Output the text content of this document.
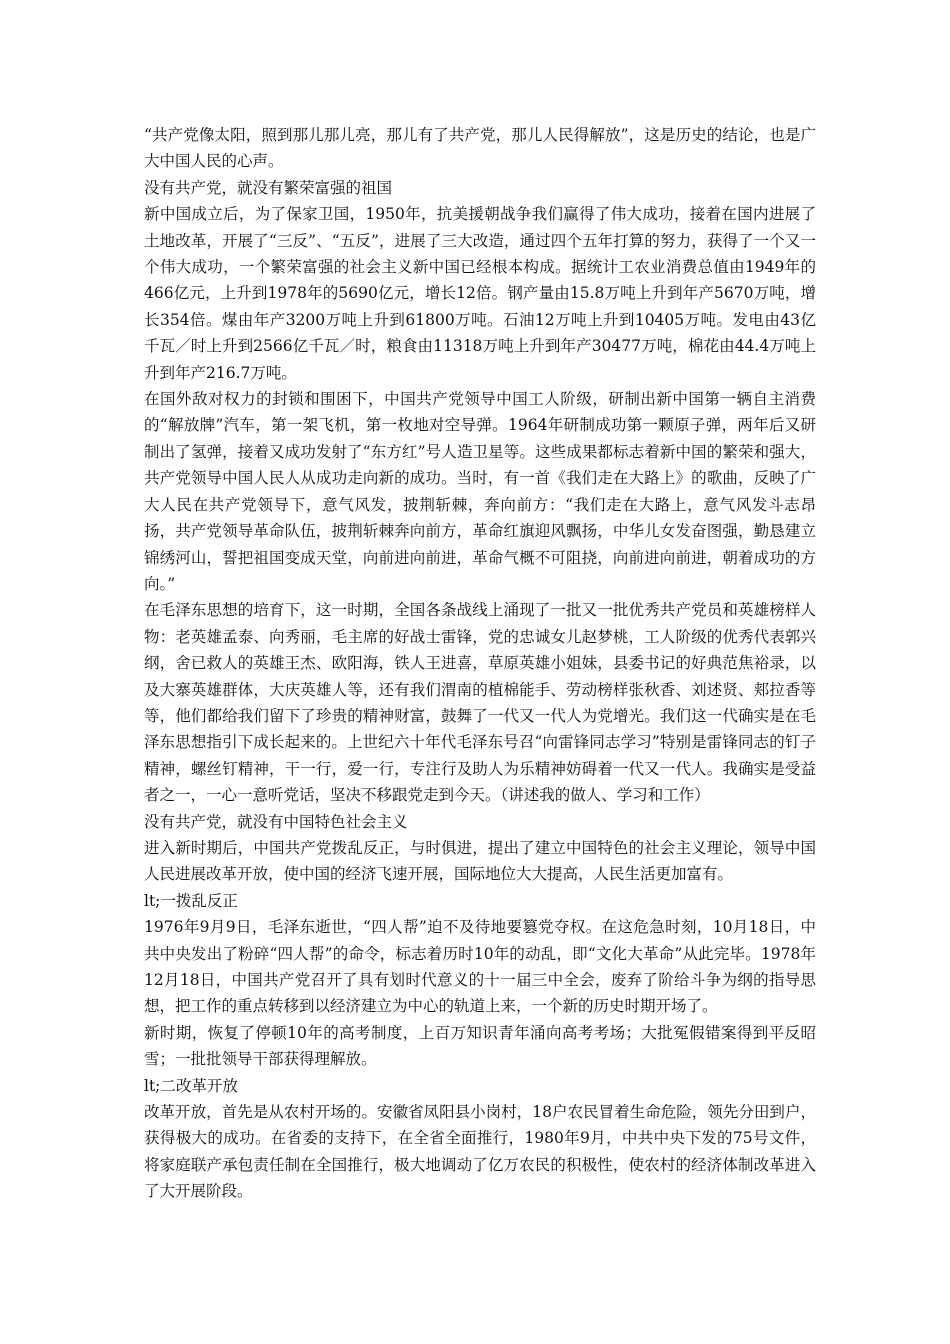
“共产党像太阳，照到那儿那儿亮，那儿有了共产党，那儿人民得解放”，这是历史的结论，也是广大中国人民的心声。

没有共产党，就没有繁荣富强的祖国

新中国成立后，为了保家卫国，1950年，抗美援朝战争我们赢得了伟大成功，接着在国内进展了土地改革，开展了“三反”、“五反”，进展了三大改造，通过四个五年打算的努力，获得了一个又一个伟大成功，一个繁荣富强的社会主义新中国已经根本构成。据统计工农业消费总值由1949年的466亿元，上升到1978年的5690亿元，增长12倍。钢产量由15.8万吨上升到年产5670万吨，增长354倍。煤由年产3200万吨上升到61800万吨。石油12万吨上升到10405万吨。发电由43亿千瓦／时上升到2566亿千瓦／时，粮食由11318万吨上升到年产30477万吨，棉花由44.4万吨上升到年产216.7万吨。

在国外敌对权力的封锁和围困下，中国共产党领导中国工人阶级，研制出新中国第一辆自主消费的“解放牌”汽车，第一架飞机，第一枚地对空导弹。1964年研制成功第一颗原子弹，两年后又研制出了氢弹，接着又成功发射了“东方红”号人造卫星等。这些成果都标志着新中国的繁荣和强大，共产党领导中国人民人从成功走向新的成功。当时，有一首《我们走在大路上》的歌曲，反映了广大人民在共产党领导下，意气风发，披荆斩棘，奔向前方：“我们走在大路上，意气风发斗志昂扬，共产党领导革命队伍，披荆斩棘奔向前方，革命红旗迎风飘扬，中华儿女发奋图强，勤恳建立锦绣河山，誓把祖国变成天堂，向前进向前进，革命气概不可阻挠，向前进向前进，朝着成功的方向。”

在毛泽东思想的培育下，这一时期，全国各条战线上涌现了一批又一批优秀共产党员和英雄榜样人物：老英雄孟泰、向秀丽，毛主席的好战士雷锋，党的忠诚女儿赵梦桃，工人阶级的优秀代表郭兴纲，舍已救人的英雄王杰、欧阳海，铁人王进喜，草原英雄小姐妹，县委书记的好典范焦裕录，以及大寨英雄群体，大庆英雄人等，还有我们渭南的植棉能手、劳动榜样张秋香、刘述贤、郏拉香等等，他们都给我们留下了珍贵的精神财富，鼓舞了一代又一代人为党增光。我们这一代确实是在毛泽东思想指引下成长起来的。上世纪六十年代毛泽东号召“向雷锋同志学习”特别是雷锋同志的钉子精神，螺丝钉精神，干一行，爱一行，专注行及助人为乐精神妨碍着一代又一代人。我确实是受益者之一，一心一意听党话，坚决不移跟党走到今天。（讲述我的做人、学习和工作）

没有共产党，就没有中国特色社会主义

进入新时期后，中国共产党拨乱反正，与时俱进，提出了建立中国特色的社会主义理论，领导中国人民进展改革开放，使中国的经济飞速开展，国际地位大大提高，人民生活更加富有。

lt;一拨乱反正

1976年9月9日，毛泽东逝世，“四人帮”迫不及待地要篡党夺权。在这危急时刻，10月18日，中共中央发出了粉碎“四人帮”的命令，标志着历时10年的动乱，即“文化大革命”从此完毕。1978年12月18日，中国共产党召开了具有划时代意义的十一届三中全会，废弃了阶给斗争为纲的指导思想，把工作的重点转移到以经济建立为中心的轨道上来，一个新的历史时期开场了。

新时期，恢复了停顿10年的高考制度，上百万知识青年涌向高考考场；大批冤假错案得到平反昭雪；一批批领导干部获得理解放。

lt;二改革开放

改革开放，首先是从农村开场的。安徽省凤阳县小岗村，18户农民冒着生命危险，领先分田到户，获得极大的成功。在省委的支持下，在全省全面推行，1980年9月，中共中央下发的75号文件，将家庭联产承包责任制在全国推行，极大地调动了亿万农民的积极性，使农村的经济体制改革进入了大开展阶段。
